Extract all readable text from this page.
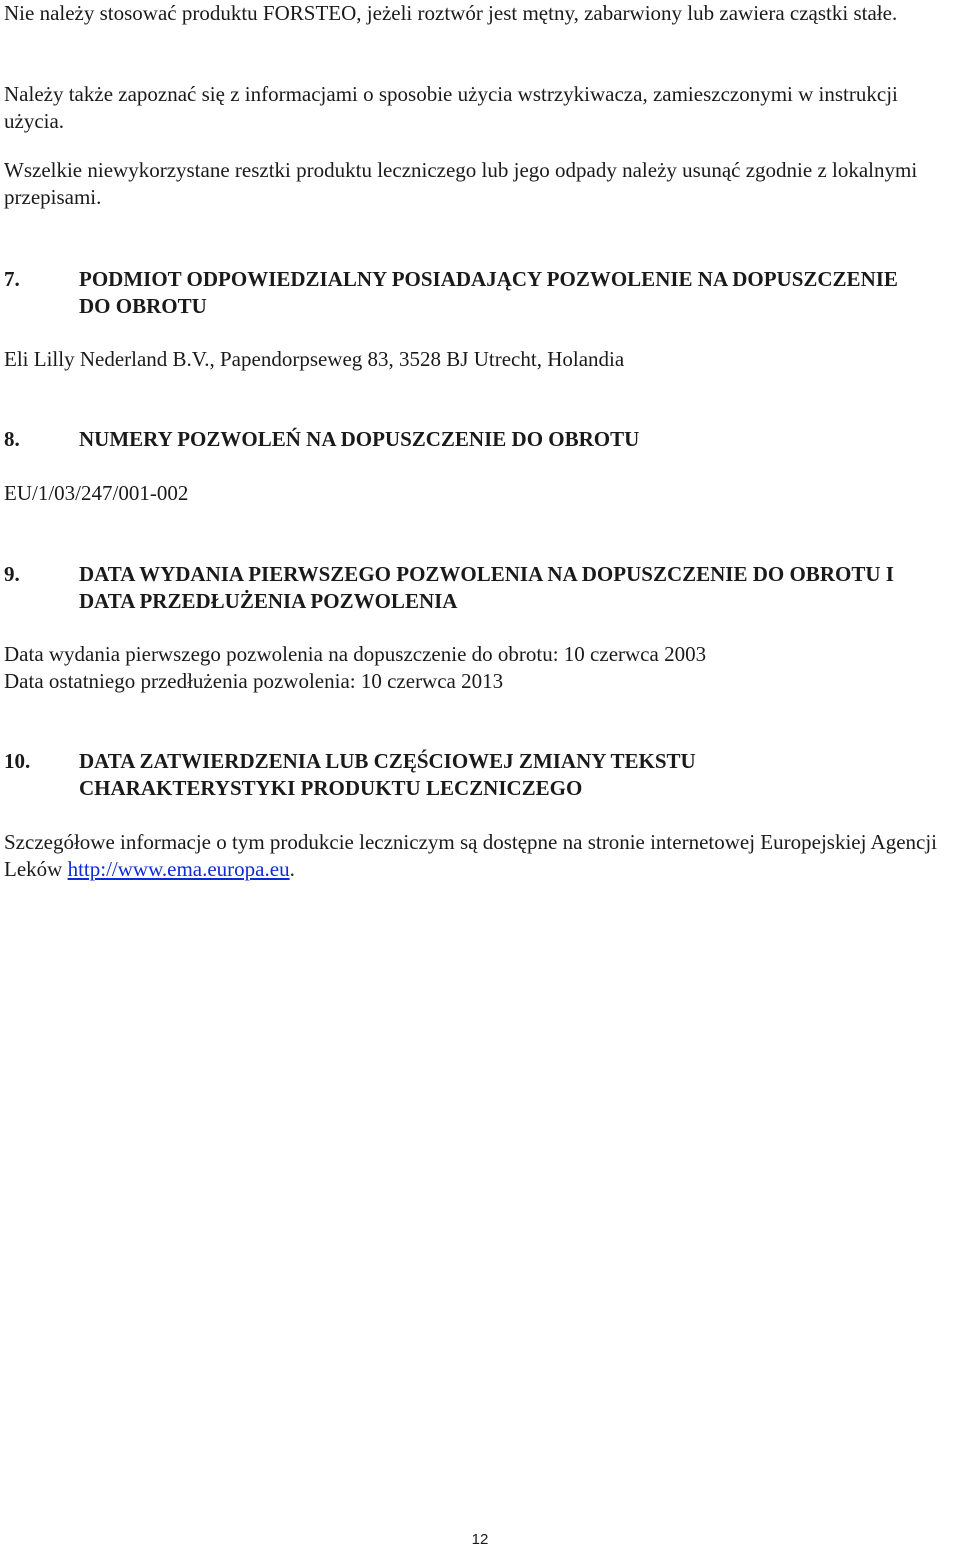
Nie należy stosować produktu FORSTEO, jeżeli roztwór jest mętny, zabarwiony lub zawiera cząstki stałe.

Należy także zapoznać się z informacjami o sposobie użycia wstrzykiwacza, zamieszczonymi w instrukcji użycia.

Wszelkie niewykorzystane resztki produktu leczniczego lub jego odpady należy usunąć zgodnie z lokalnymi przepisami.

7.	PODMIOT ODPOWIEDZIALNY POSIADAJĄCY POZWOLENIE NA DOPUSZCZENIE DO OBROTU

Eli Lilly Nederland B.V., Papendorpseweg 83, 3528 BJ Utrecht, Holandia

8.	NUMERY POZWOLEŃ NA DOPUSZCZENIE DO OBROTU

EU/1/03/247/001-002

9.	DATA WYDANIA PIERWSZEGO POZWOLENIA NA DOPUSZCZENIE DO OBROTU I DATA PRZEDŁUŻENIA POZWOLENIA

Data wydania pierwszego pozwolenia na dopuszczenie do obrotu: 10 czerwca 2003

Data ostatniego przedłużenia pozwolenia: 10 czerwca 2013

10. DATA ZATWIERDZENIA LUB CZĘŚCIOWEJ ZMIANY TEKSTU CHARAKTERYSTYKI PRODUKTU LECZNICZEGO

Szczegółowe informacje o tym produkcie leczniczym są dostępne na stronie internetowej Europejskiej Agencji Leków http://www.ema.europa.eu.

12
